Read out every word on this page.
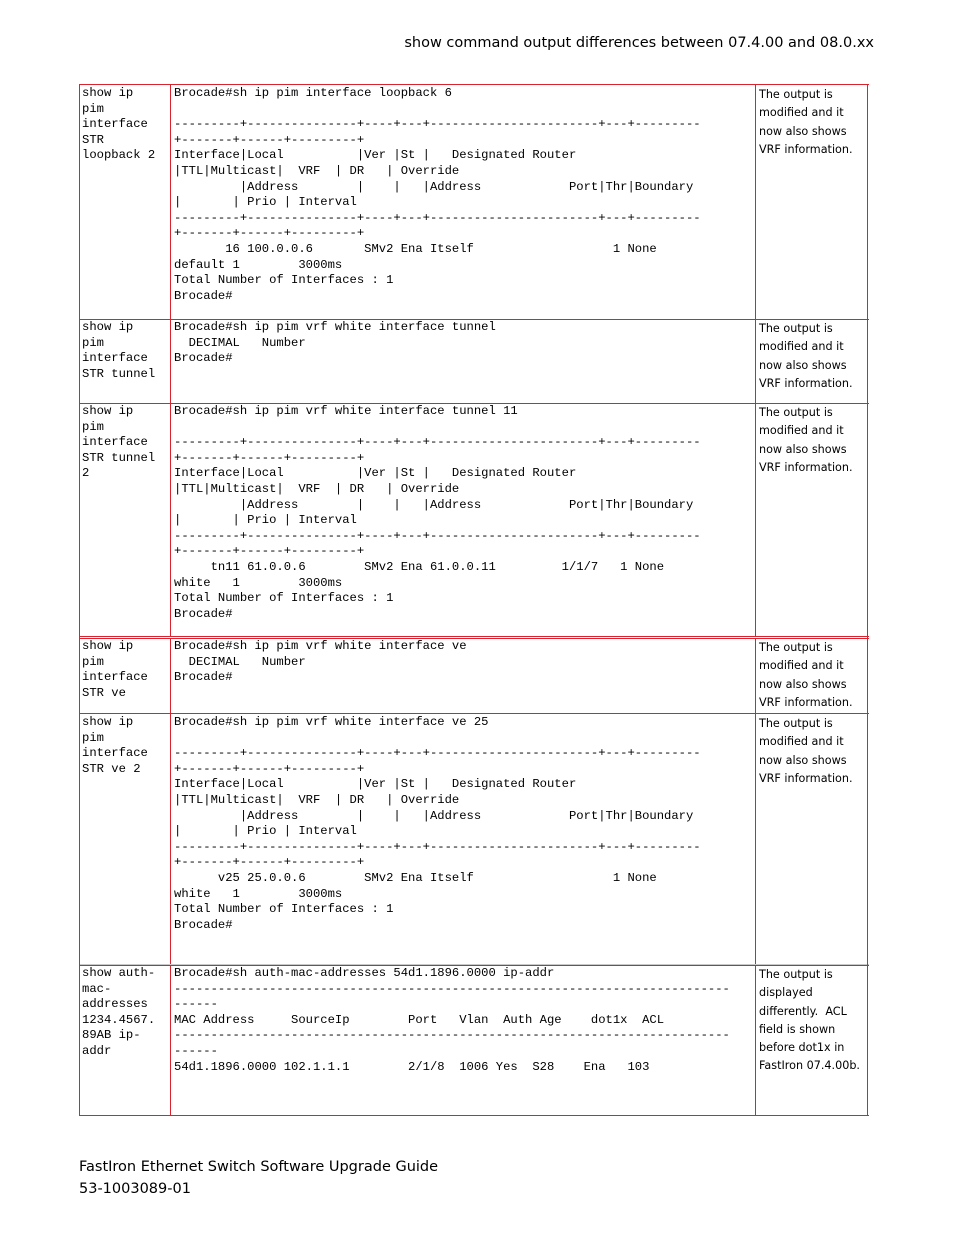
show command output differences between 07.4.00 and 08.0.xx
show ip
pim
interface
STR
loopback 2
Brocade#sh ip pim interface loopback 6

---------+---------------+----+---+-----------------------+---+---------
+-------+------+---------+
Interface|Local          |Ver |St |   Designated Router
|TTL|Multicast|  VRF  | DR   | Override
|Address        |    |   |Address            Port|Thr|Boundary
|       | Prio | Interval
---------+---------------+----+---+-----------------------+---+---------
+-------+------+---------+
16 100.0.0.6       SMv2 Ena Itself                   1 None
default 1        3000ms
Total Number of Interfaces : 1
Brocade#
The output is modified and it now also shows VRF information.
show ip
pim
interface
STR tunnel
Brocade#sh ip pim vrf white interface tunnel
DECIMAL   Number
Brocade#
The output is modified and it now also shows VRF information.
show ip
pim
interface
STR tunnel
2
Brocade#sh ip pim vrf white interface tunnel 11

---------+---------------+----+---+-----------------------+---+---------
+-------+------+---------+
Interface|Local          |Ver |St |   Designated Router
|TTL|Multicast|  VRF  | DR   | Override
|Address        |    |   |Address            Port|Thr|Boundary
|       | Prio | Interval
---------+---------------+----+---+-----------------------+---+---------
+-------+------+---------+
tn11 61.0.0.6        SMv2 Ena 61.0.0.11         1/1/7   1 None
white   1        3000ms
Total Number of Interfaces : 1
Brocade#
The output is modified and it now also shows VRF information.
show ip
pim
interface
STR ve
Brocade#sh ip pim vrf white interface ve
DECIMAL   Number
Brocade#
The output is modified and it now also shows VRF information.
show ip
pim
interface
STR ve 2
Brocade#sh ip pim vrf white interface ve 25

---------+---------------+----+---+-----------------------+---+---------
+-------+------+---------+
Interface|Local          |Ver |St |   Designated Router
|TTL|Multicast|  VRF  | DR   | Override
|Address        |    |   |Address            Port|Thr|Boundary
|       | Prio | Interval
---------+---------------+----+---+-----------------------+---+---------
+-------+------+---------+
v25 25.0.0.6        SMv2 Ena Itself                   1 None
white   1        3000ms
Total Number of Interfaces : 1
Brocade#
The output is modified and it now also shows VRF information.
show auth-
mac-
addresses
1234.4567.
89AB ip-
addr
Brocade#sh auth-mac-addresses 54d1.1896.0000 ip-addr
----------------------------------------------------------------------------
------
MAC Address     SourceIp        Port   Vlan  Auth Age    dot1x  ACL
----------------------------------------------------------------------------
------
54d1.1896.0000 102.1.1.1        2/1/8  1006 Yes  S28    Ena   103
The output is displayed differently.  ACL field is shown before dot1x in FastIron 07.4.00b.
FastIron Ethernet Switch Software Upgrade Guide
53-1003089-01
